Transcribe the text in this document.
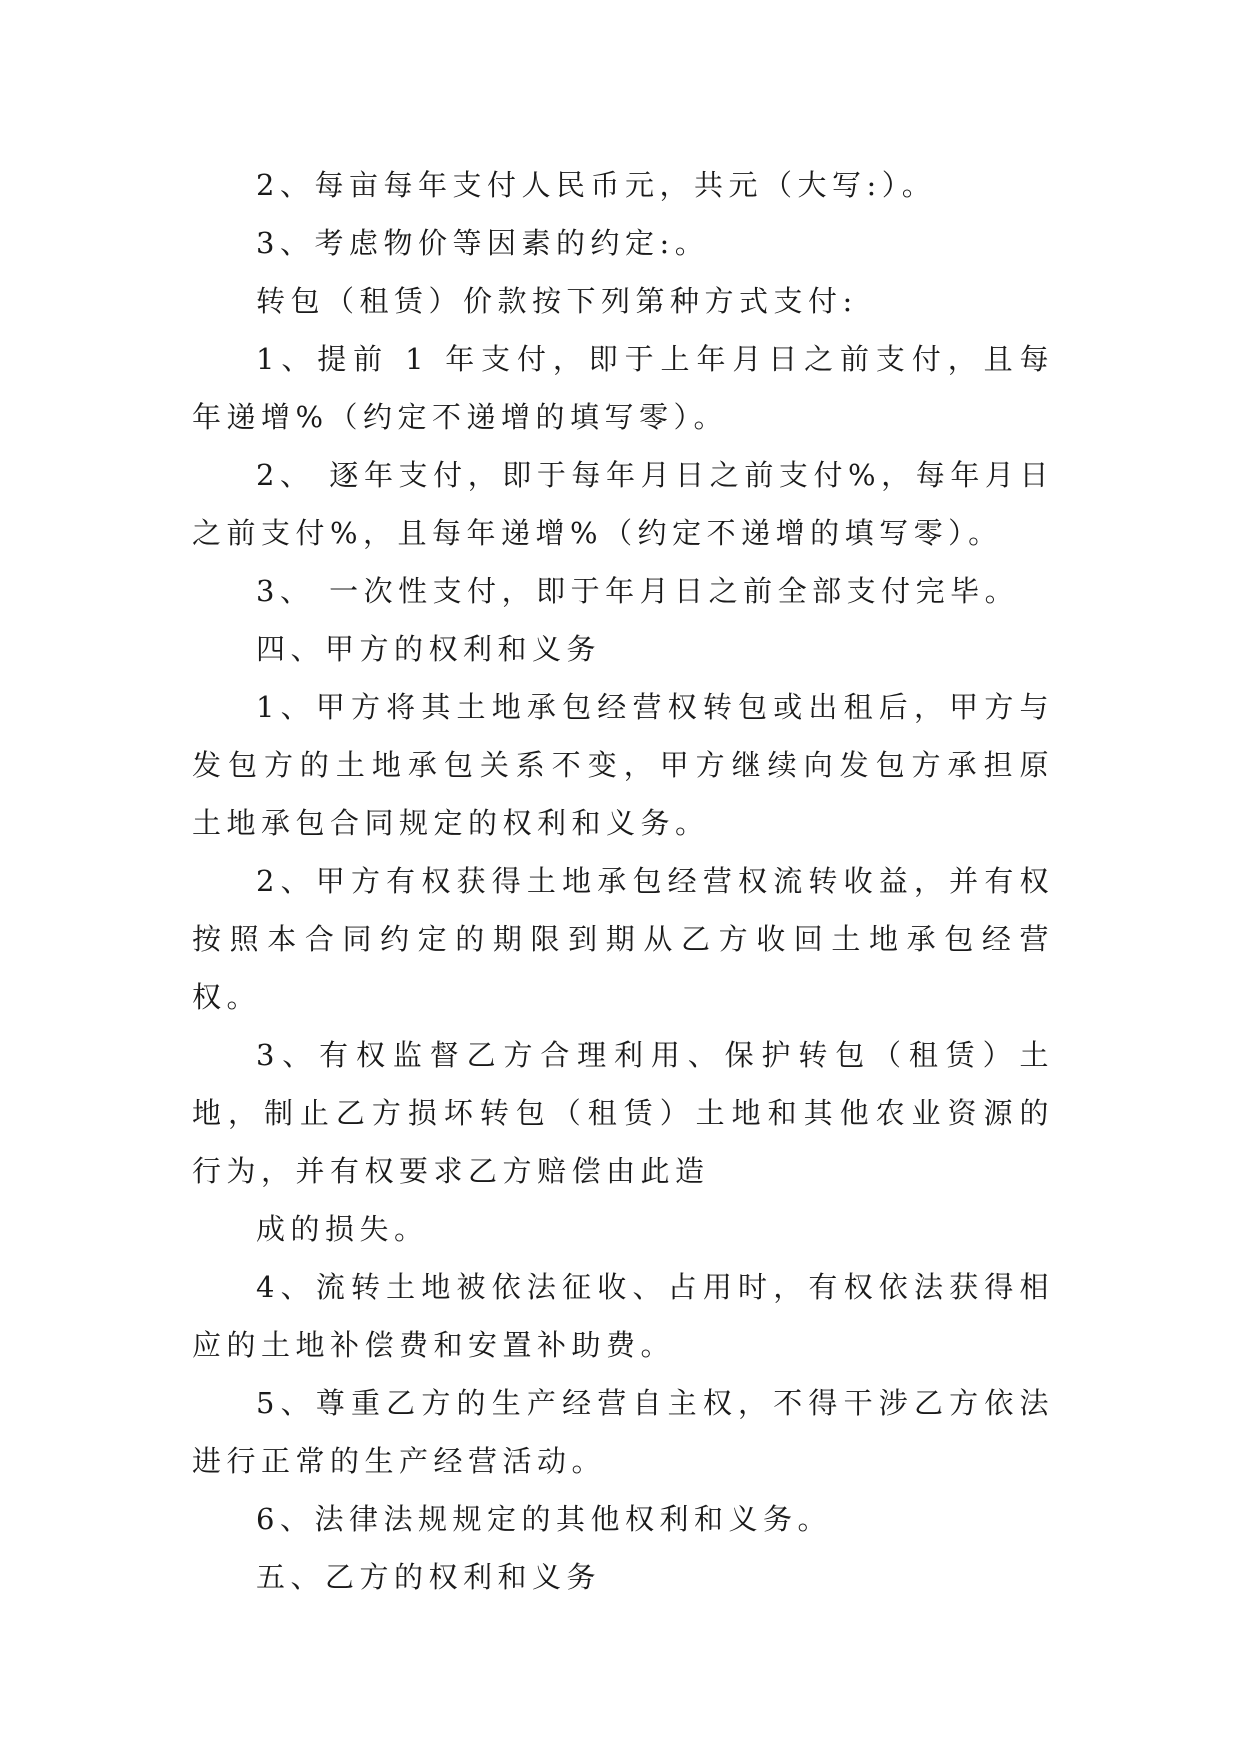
2、每亩每年支付人民币元，共元（大写:）。

3、考虑物价等因素的约定:。

转包（租赁）价款按下列第种方式支付:

1、提前 1 年支付，即于上年月日之前支付，且每年递增%（约定不递增的填写零）。

2、 逐年支付，即于每年月日之前支付%，每年月日之前支付%，且每年递增%（约定不递增的填写零）。

3、 一次性支付，即于年月日之前全部支付完毕。

四、甲方的权利和义务

1、甲方将其土地承包经营权转包或出租后，甲方与发包方的土地承包关系不变，甲方继续向发包方承担原土地承包合同规定的权利和义务。

2、甲方有权获得土地承包经营权流转收益，并有权按照本合同约定的期限到期从乙方收回土地承包经营权。

3、有权监督乙方合理利用、保护转包（租赁）土地，制止乙方损坏转包（租赁）土地和其他农业资源的行为，并有权要求乙方赔偿由此造

成的损失。

4、流转土地被依法征收、占用时，有权依法获得相应的土地补偿费和安置补助费。

5、尊重乙方的生产经营自主权，不得干涉乙方依法进行正常的生产经营活动。

6、法律法规规定的其他权利和义务。

五、乙方的权利和义务
